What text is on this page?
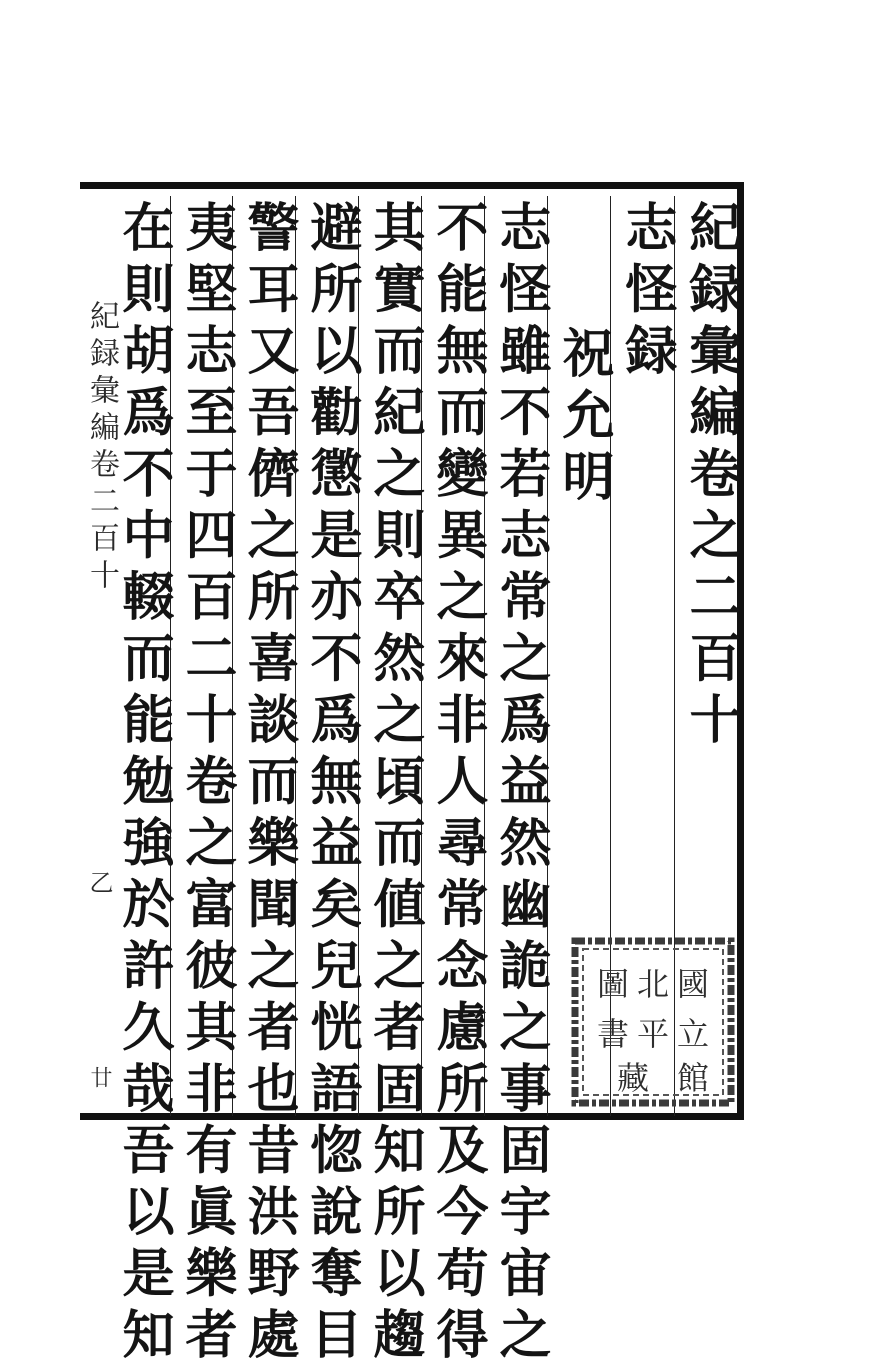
紀録彙編卷之二百十
志怪録
祝允明
志怪雖不若志常之爲益然幽詭之事固宇宙之
不能無而變異之來非人尋常念慮所及今苟得
其實而紀之則卒然之頃而値之者固知所以趨
避所以勸懲是亦不爲無益矣兒恍語惚說奪目
警耳又吾儕之所喜談而樂聞之者也昔洪野處
夷堅志至于四百二十卷之富彼其非有眞樂者
在則胡爲不中輟而能勉強於許久哉吾以是知
紀録彙編卷二百十
乙
廿
國
立
北
平
圖
書
館
藏
